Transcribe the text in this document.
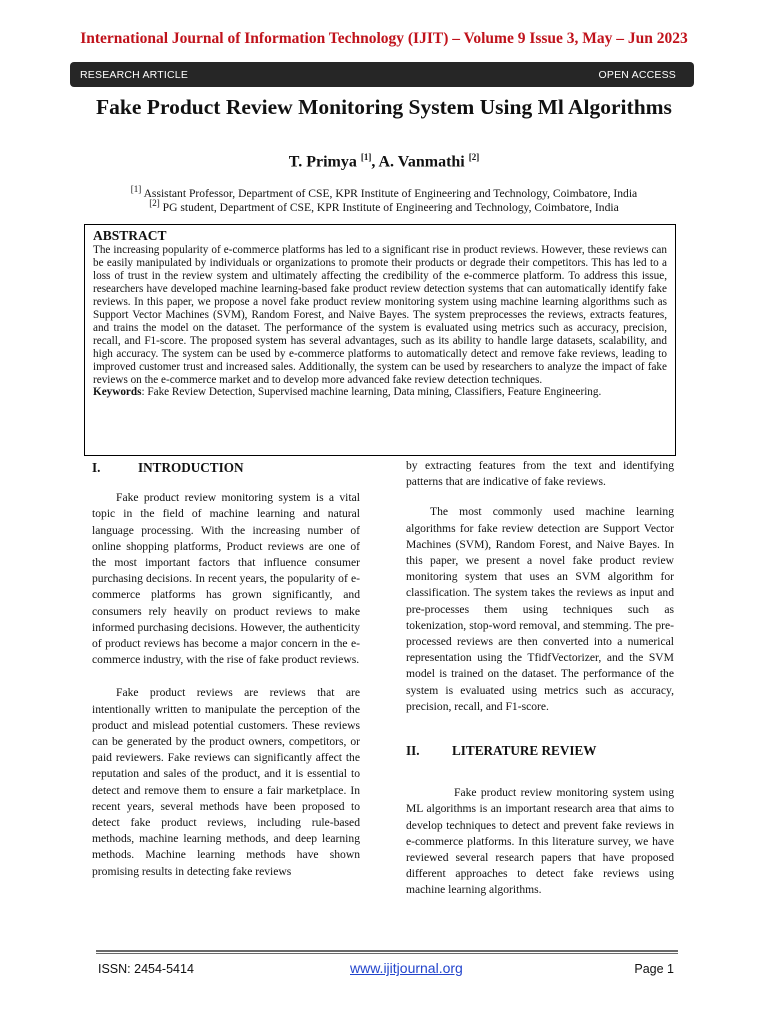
International Journal of Information Technology (IJIT) – Volume 9 Issue 3, May – Jun 2023
RESEARCH ARTICLE	OPEN ACCESS
Fake Product Review Monitoring System Using Ml Algorithms
T. Primya [1], A. Vanmathi [2]
[1] Assistant Professor, Department of CSE, KPR Institute of Engineering and Technology, Coimbatore, India
[2] PG student, Department of CSE, KPR Institute of Engineering and Technology, Coimbatore, India
ABSTRACT

The increasing popularity of e-commerce platforms has led to a significant rise in product reviews. However, these reviews can be easily manipulated by individuals or organizations to promote their products or degrade their competitors. This has led to a loss of trust in the review system and ultimately affecting the credibility of the e-commerce platform. To address this issue, researchers have developed machine learning-based fake product review detection systems that can automatically identify fake reviews. In this paper, we propose a novel fake product review monitoring system using machine learning algorithms such as Support Vector Machines (SVM), Random Forest, and Naive Bayes. The system preprocesses the reviews, extracts features, and trains the model on the dataset. The performance of the system is evaluated using metrics such as accuracy, precision, recall, and F1-score. The proposed system has several advantages, such as its ability to handle large datasets, scalability, and high accuracy. The system can be used by e-commerce platforms to automatically detect and remove fake reviews, leading to improved customer trust and increased sales. Additionally, the system can be used by researchers to analyze the impact of fake reviews on the e-commerce market and to develop more advanced fake review detection techniques.

Keywords: Fake Review Detection, Supervised machine learning, Data mining, Classifiers, Feature Engineering.

I.	INTRODUCTION

Fake product review monitoring system is a vital topic in the field of machine learning and natural language processing. With the increasing number of online shopping platforms, Product reviews are one of the most important factors that influence consumer purchasing decisions. In recent years, the popularity of e-commerce platforms has grown significantly, and consumers rely heavily on product reviews to make informed purchasing decisions. However, the authenticity of product reviews has become a major concern in the e-commerce industry, with the rise of fake product reviews.

Fake product reviews are reviews that are intentionally written to manipulate the perception of the product and mislead potential customers. These reviews can be generated by the product owners, competitors, or paid reviewers. Fake reviews can significantly affect the reputation and sales of the product, and it is essential to detect and remove them to ensure a fair marketplace. In recent years, several methods have been proposed to detect fake product reviews, including rule-based methods, machine learning methods, and deep learning methods. Machine learning methods have shown promising results in detecting fake reviews

by extracting features from the text and identifying patterns that are indicative of fake reviews.

The most commonly used machine learning algorithms for fake review detection are Support Vector Machines (SVM), Random Forest, and Naive Bayes. In this paper, we present a novel fake product review monitoring system that uses an SVM algorithm for classification. The system takes the reviews as input and pre-processes them using techniques such as tokenization, stop-word removal, and stemming. The pre-processed reviews are then converted into a numerical representation using the TfidfVectorizer, and the SVM model is trained on the dataset. The performance of the system is evaluated using metrics such as accuracy, precision, recall, and F1-score.

II.	LITERATURE REVIEW

Fake product review monitoring system using ML algorithms is an important research area that aims to develop techniques to detect and prevent fake reviews in e-commerce platforms. In this literature survey, we have reviewed several research papers that have proposed different approaches to detect fake reviews using machine learning algorithms.

ISSN: 2454-5414	www.ijitjournal.org	Page 1
